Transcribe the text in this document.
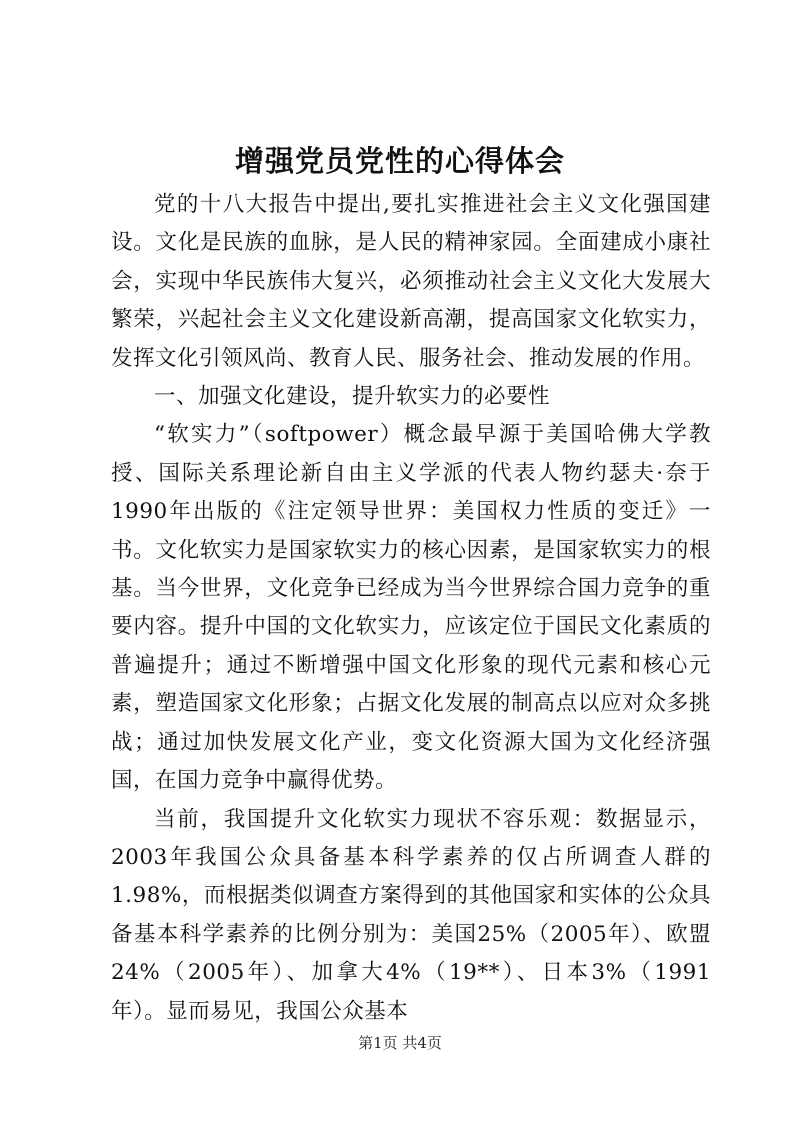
增强党员党性的心得体会

党的十八大报告中提出,要扎实推进社会主义文化强国建设。文化是民族的血脉，是人民的精神家园。全面建成小康社会，实现中华民族伟大复兴，必须推动社会主义文化大发展大繁荣，兴起社会主义文化建设新高潮，提高国家文化软实力，发挥文化引领风尚、教育人民、服务社会、推动发展的作用。

一、加强文化建设，提升软实力的必要性

“软实力”（softpower）概念最早源于美国哈佛大学教授、国际关系理论新自由主义学派的代表人物约瑟夫·奈于1990年出版的《注定领导世界：美国权力性质的变迁》一书。文化软实力是国家软实力的核心因素，是国家软实力的根基。当今世界，文化竞争已经成为当今世界综合国力竞争的重要内容。提升中国的文化软实力，应该定位于国民文化素质的普遍提升；通过不断增强中国文化形象的现代元素和核心元素，塑造国家文化形象；占据文化发展的制高点以应对众多挑战；通过加快发展文化产业，变文化资源大国为文化经济强国，在国力竞争中赢得优势。

当前，我国提升文化软实力现状不容乐观：数据显示，2003年我国公众具备基本科学素养的仅占所调查人群的1.98%，而根据类似调查方案得到的其他国家和实体的公众具备基本科学素养的比例分别为：美国25%（2005年）、欧盟24%（2005年）、加拿大4%（19**）、日本3%（1991年）。显而易见，我国公众基本

第1页 共4页
